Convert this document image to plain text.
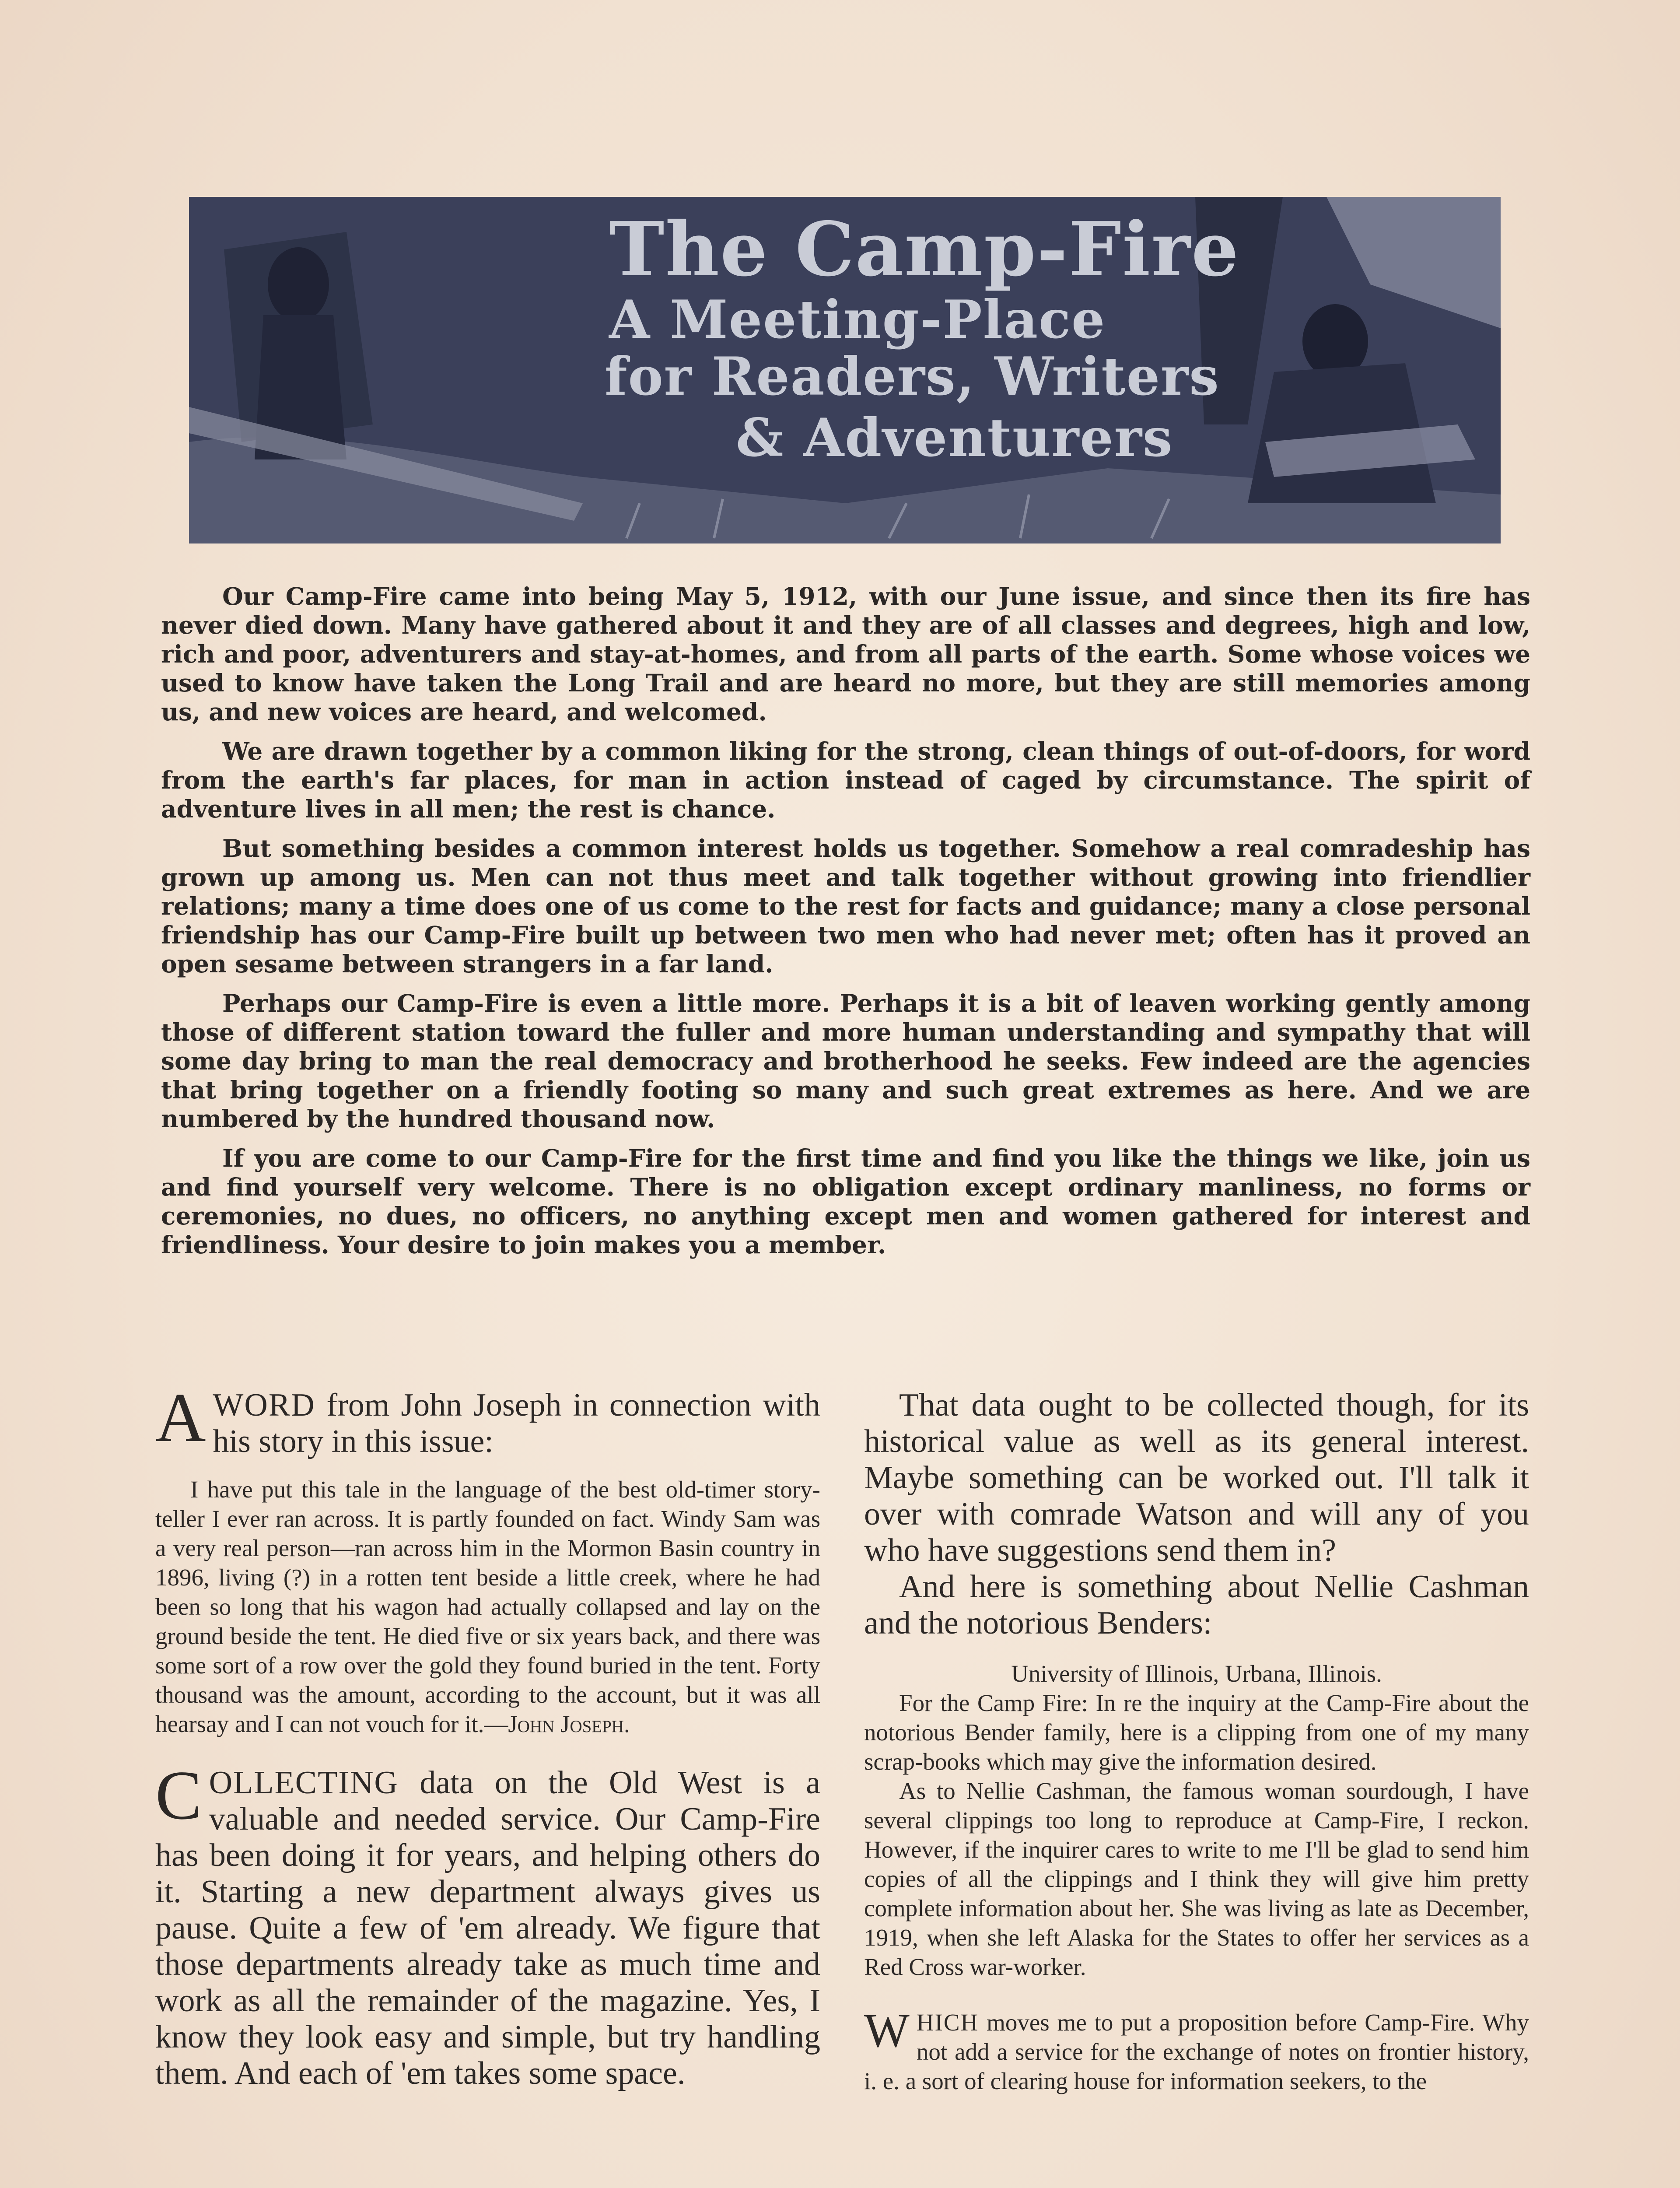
The Camp-Fire
A Meeting-Place
for Readers, Writers
& Adventurers

Our Camp-Fire came into being May 5, 1912, with our June issue, and since then its fire has never died down. Many have gathered about it and they are of all classes and degrees, high and low, rich and poor, adventurers and stay-at-homes, and from all parts of the earth. Some whose voices we used to know have taken the Long Trail and are heard no more, but they are still memories among us, and new voices are heard, and welcomed.

We are drawn together by a common liking for the strong, clean things of out-of-doors, for word from the earth's far places, for man in action instead of caged by circumstance. The spirit of adventure lives in all men; the rest is chance.

But something besides a common interest holds us together. Somehow a real comradeship has grown up among us. Men can not thus meet and talk together without growing into friendlier relations; many a time does one of us come to the rest for facts and guidance; many a close personal friendship has our Camp-Fire built up between two men who had never met; often has it proved an open sesame between strangers in a far land.

Perhaps our Camp-Fire is even a little more. Perhaps it is a bit of leaven working gently among those of different station toward the fuller and more human understanding and sympathy that will some day bring to man the real democracy and brotherhood he seeks. Few indeed are the agencies that bring together on a friendly footing so many and such great extremes as here. And we are numbered by the hundred thousand now.

If you are come to our Camp-Fire for the first time and find you like the things we like, join us and find yourself very welcome. There is no obligation except ordinary manliness, no forms or ceremonies, no dues, no officers, no anything except men and women gathered for interest and friendliness. Your desire to join makes you a member.

AWORD from John Joseph in connection with his story in this issue:

I have put this tale in the language of the best old-timer story-teller I ever ran across. It is partly founded on fact. Windy Sam was a very real person—ran across him in the Mormon Basin country in 1896, living (?) in a rotten tent beside a little creek, where he had been so long that his wagon had actually collapsed and lay on the ground beside the tent. He died five or six years back, and there was some sort of a row over the gold they found buried in the tent. Forty thousand was the amount, according to the account, but it was all hearsay and I can not vouch for it.—John Joseph.

COLLECTING data on the Old West is a valuable and needed service. Our Camp-Fire has been doing it for years, and helping others do it. Starting a new department always gives us pause. Quite a few of 'em already. We figure that those departments already take as much time and work as all the remainder of the magazine. Yes, I know they look easy and simple, but try handling them. And each of 'em takes some space.

That data ought to be collected though, for its historical value as well as its general interest. Maybe something can be worked out. I'll talk it over with comrade Watson and will any of you who have suggestions send them in?

And here is something about Nellie Cashman and the notorious Benders:

University of Illinois, Urbana, Illinois.

For the Camp Fire: In re the inquiry at the Camp-Fire about the notorious Bender family, here is a clipping from one of my many scrap-books which may give the information desired.

As to Nellie Cashman, the famous woman sourdough, I have several clippings too long to reproduce at Camp-Fire, I reckon. However, if the inquirer cares to write to me I'll be glad to send him copies of all the clippings and I think they will give him pretty complete information about her. She was living as late as December, 1919, when she left Alaska for the States to offer her services as a Red Cross war-worker.

WHICH moves me to put a proposition before Camp-Fire. Why not add a service for the exchange of notes on frontier history, i. e. a sort of clearing house for information seekers, to the
